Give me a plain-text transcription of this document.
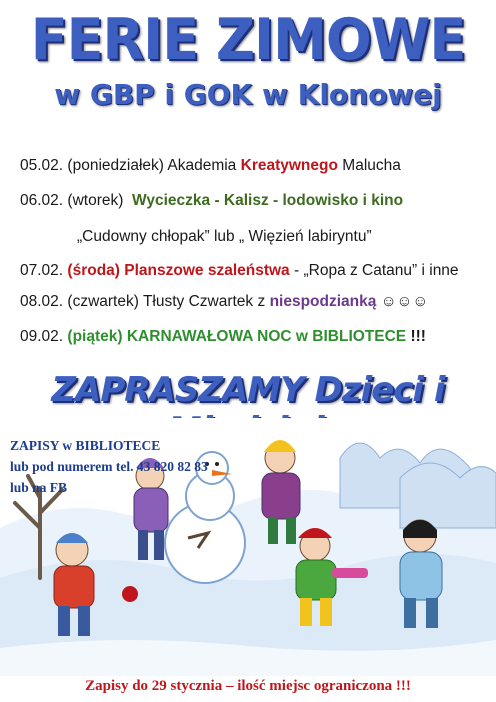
FERIE ZIMOWE
w GBP i GOK w Klonowej
05.02. (poniedziałek) Akademia Kreatywnego Malucha
06.02. (wtorek) Wycieczka - Kalisz - lodowisko i kino
„Cudowny chłopak” lub „ Więzień labiryntu”
07.02. (środa) Planszowe szaleństwa - „Ropa z Catanu” i inne
08.02. (czwartek) Tłusty Czwartek z niespodzianką ☺☺☺
09.02. (piątek) KARNAWAŁOWA NOC w BIBLIOTECE !!!
ZAPRASZAMY Dzieci i
ZAPISY w BIBLIOTECE
lub pod numerem tel. 43 820 82 83
lub na FB
Zapisy do 29 stycznia – ilość miejsc ograniczona !!!
